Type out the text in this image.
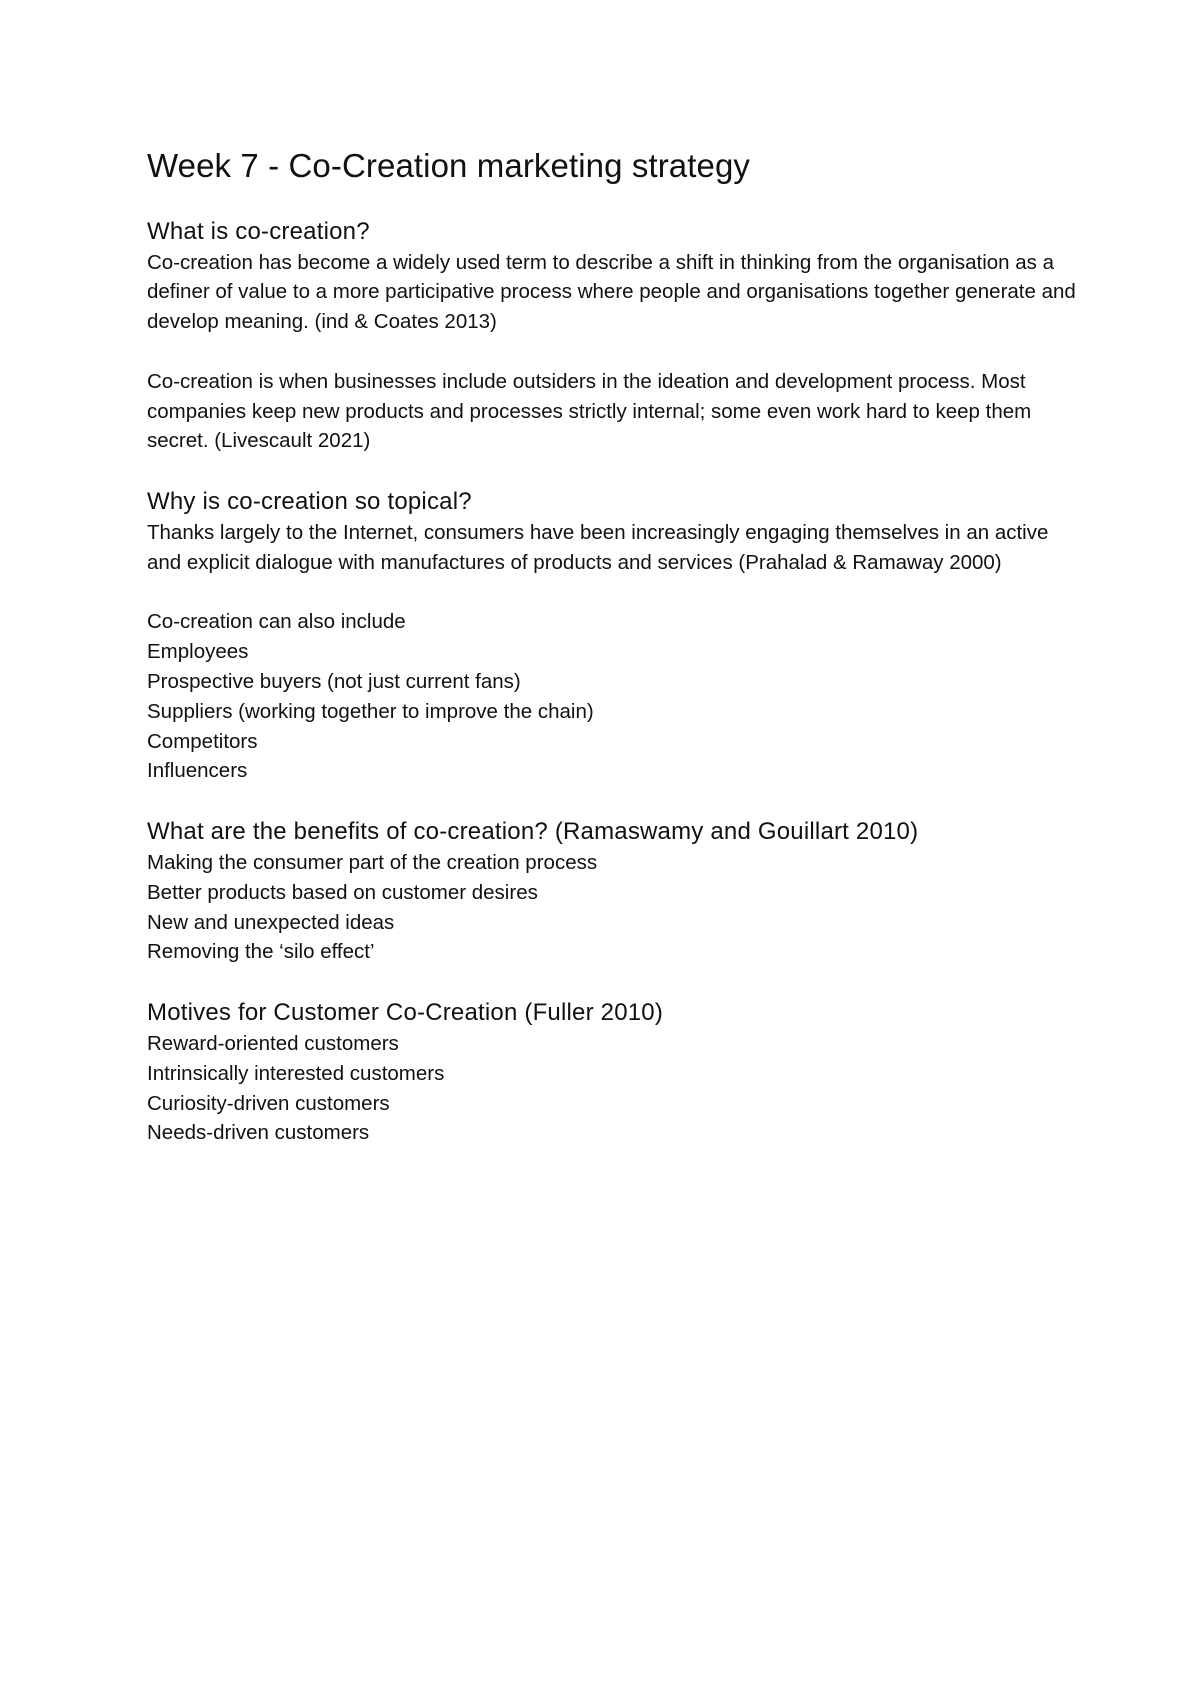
Week 7 - Co-Creation marketing strategy
What is co-creation?

Co-creation has become a widely used term to describe a shift in thinking from the organisation as a definer of value to a more participative process where people and organisations together generate and develop meaning. (ind & Coates 2013)

Co-creation is when businesses include outsiders in the ideation and development process. Most companies keep new products and processes strictly internal; some even work hard to keep them secret. (Livescault 2021)

Why is co-creation so topical?

Thanks largely to the Internet, consumers have been increasingly engaging themselves in an active and explicit dialogue with manufactures of products and services (Prahalad & Ramaway 2000)

Co-creation can also include

Employees
Prospective buyers (not just current fans)
Suppliers (working together to improve the chain)
Competitors
Influencers
What are the benefits of co-creation? (Ramaswamy and Gouillart 2010)
Making the consumer part of the creation process
Better products based on customer desires
New and unexpected ideas
Removing the ‘silo effect’
Motives for Customer Co-Creation (Fuller 2010)
Reward-oriented customers
Intrinsically interested customers
Curiosity-driven customers
Needs-driven customers
